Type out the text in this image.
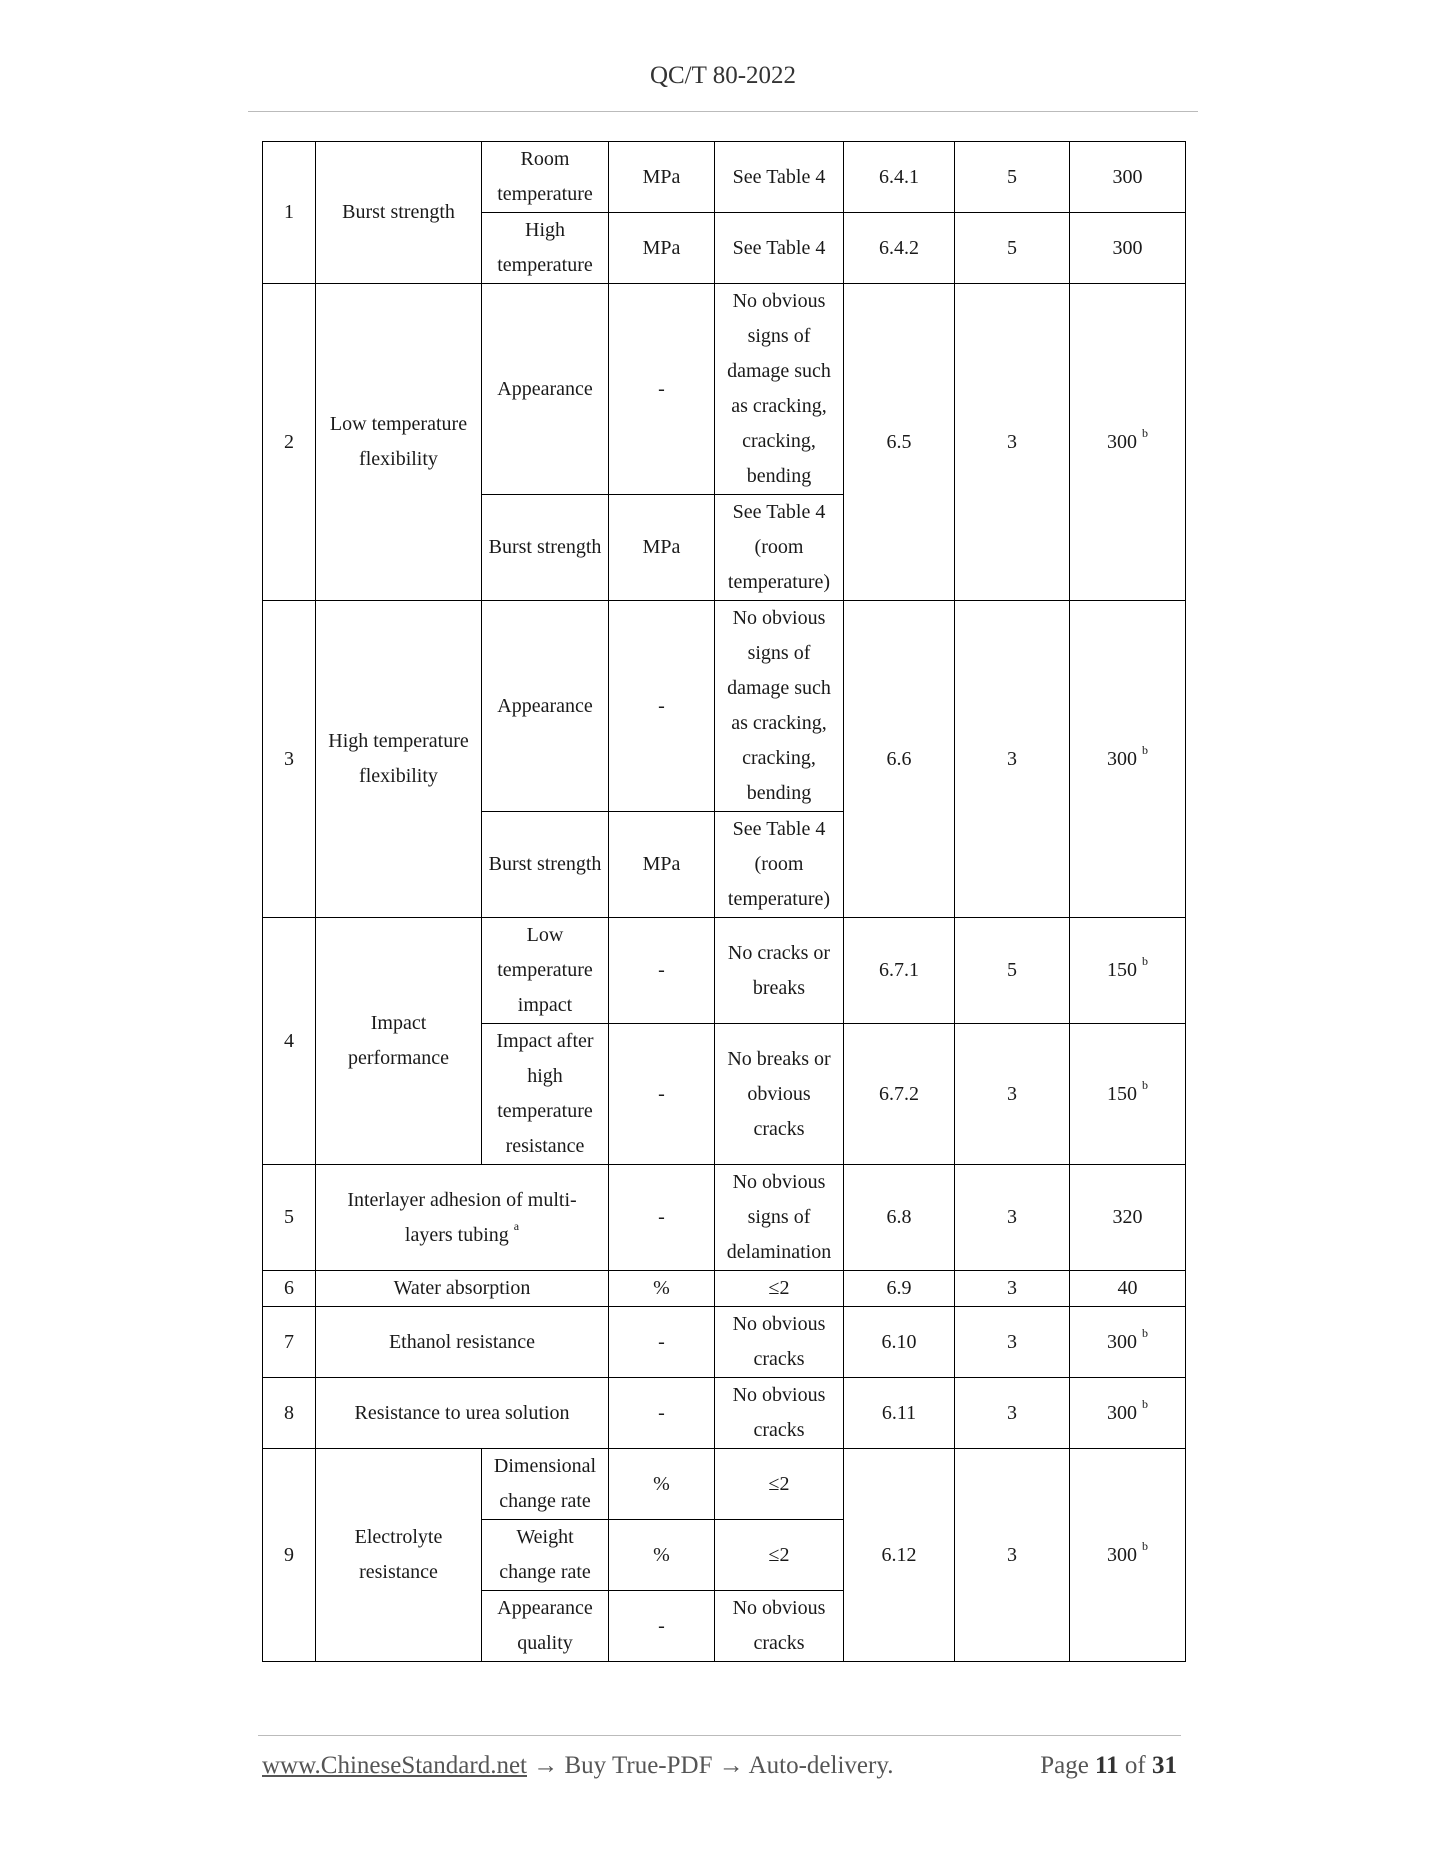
QC/T 80-2022
1	Burst strength	Room temperature	MPa	See Table 4	6.4.1	5	300
		High temperature	MPa	See Table 4	6.4.2	5	300
2	Low temperature flexibility	Appearance	-	No obvious signs of damage such as cracking, cracking, bending	6.5	3	300 $^b$
		Burst strength	MPa	See Table 4 (room temperature)			
3	High temperature flexibility	Appearance	-	No obvious signs of damage such as cracking, cracking, bending	6.6	3	300 $^b$
		Burst strength	MPa	See Table 4 (room temperature)			
4	Impact performance	Low temperature impact	-	No cracks or breaks	6.7.1	5	150 $^b$
		Impact after high temperature resistance	-	No breaks or obvious cracks	6.7.2	3	150 $^b$
5	Interlayer adhesion of multi-layers tubing $^a$		-	No obvious signs of delamination	6.8	3	320
6	Water absorption		%	≤2	6.9	3	40
7	Ethanol resistance		-	No obvious cracks	6.10	3	300 $^b$
8	Resistance to urea solution		-	No obvious cracks	6.11	3	300 $^b$
9	Electrolyte resistance	Dimensional change rate	%	≤2	6.12	3	300 $^b$
		Weight change rate	%	≤2			
		Appearance quality	-	No obvious cracks			
www.ChineseStandard.net → Buy True-PDF → Auto-delivery.	Page 11 of 31
